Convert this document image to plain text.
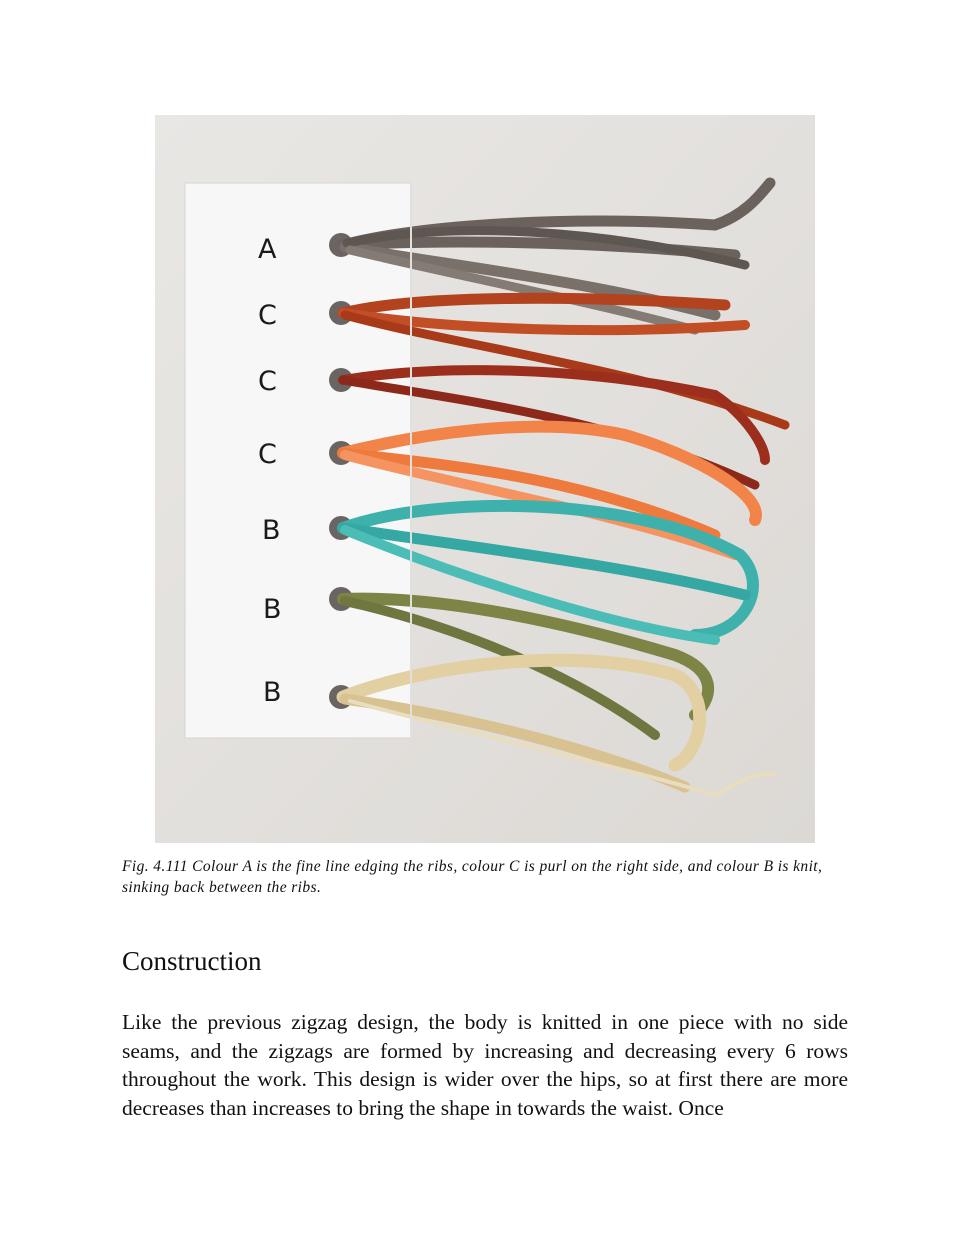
A
C
C
C
B
B
B

Fig. 4.111 Colour A is the fine line edging the ribs, colour C is purl on the right side, and colour B is knit, sinking back between the ribs.

Construction

Like the previous zigzag design, the body is knitted in one piece with no side seams, and the zigzags are formed by increasing and decreasing every 6 rows throughout the work. This design is wider over the hips, so at first there are more decreases than increases to bring the shape in towards the waist. Once
